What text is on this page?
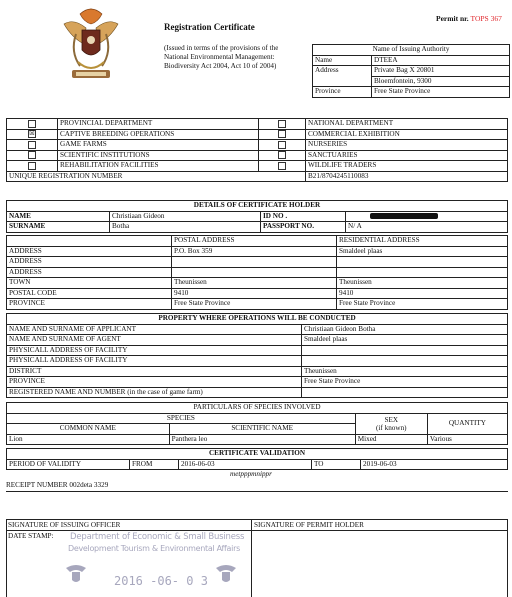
Registration Certificate
(Issued in terms of the provisions of the
National Environmental Management:
Biodiversity Act 2004, Act 10 of 2004)
Permit nr. TOPS 367
Name of Issuing Authority	
Name	DTEEA
Address	Private Bag X 20801
	Bloemfontein, 9300
Province	Free State Province
	PROVINCIAL DEPARTMENT		NATIONAL DEPARTMENT
☒	CAPTIVE BREEDING OPERATIONS		COMMERCIAL EXHIBITION
	GAME FARMS		NURSERIES
	SCIENTIFIC INSTITUTIONS		SANCTUARIES
	REHABILITATION FACILITIES		WILDLIFE TRADERS
UNIQUE REGISTRATION NUMBER			B21/8704245110083
DETAILS OF CERTIFICATE HOLDER			
NAME	Christiaan Gideon	ID NO .	
SURNAME	Botha	PASSPORT NO.	N/ A
	POSTAL ADDRESS	RESIDENTIAL ADDRESS
ADDRESS	P.O. Box 359	Smaldeel plaas
ADDRESS		
ADDRESS		
TOWN	Theunissen	Theunissen
POSTAL CODE	9410	9410
PROVINCE	Free State Province	Free State Province
PROPERTY WHERE OPERATIONS WILL BE CONDUCTED	
NAME AND SURNAME OF APPLICANT	Christiaan Gideon Botha
NAME AND SURNAME OF AGENT	Smaldeel plaas
PHYSICALL ADDRESS OF FACILITY	
PHYSICALL ADDRESS OF FACILITY	
DISTRICT	Theunissen
PROVINCE	Free State Province
REGISTERED NAME AND NUMBER (in the case of game farm)	
PARTICULARS OF SPECIES INVOLVED			
SPECIES		SEX
(if known)	QUANTITY
COMMON NAME	SCIENTIFIC NAME		
Lion	Panthera leo	Mixed	Various
CERTIFICATE VALIDATION
PERIOD OF VALIDITY	FROM	2016-06-03	TO	2019-06-03
metpppmnippr
RECEIPT NUMBER 002deta 3329
SIGNATURE OF ISSUING OFFICER	SIGNATURE OF PERMIT HOLDER
DATE STAMP: Department of Economic & Small Business
Development Tourism & Environmental Affairs
2016 -06- 0 3
